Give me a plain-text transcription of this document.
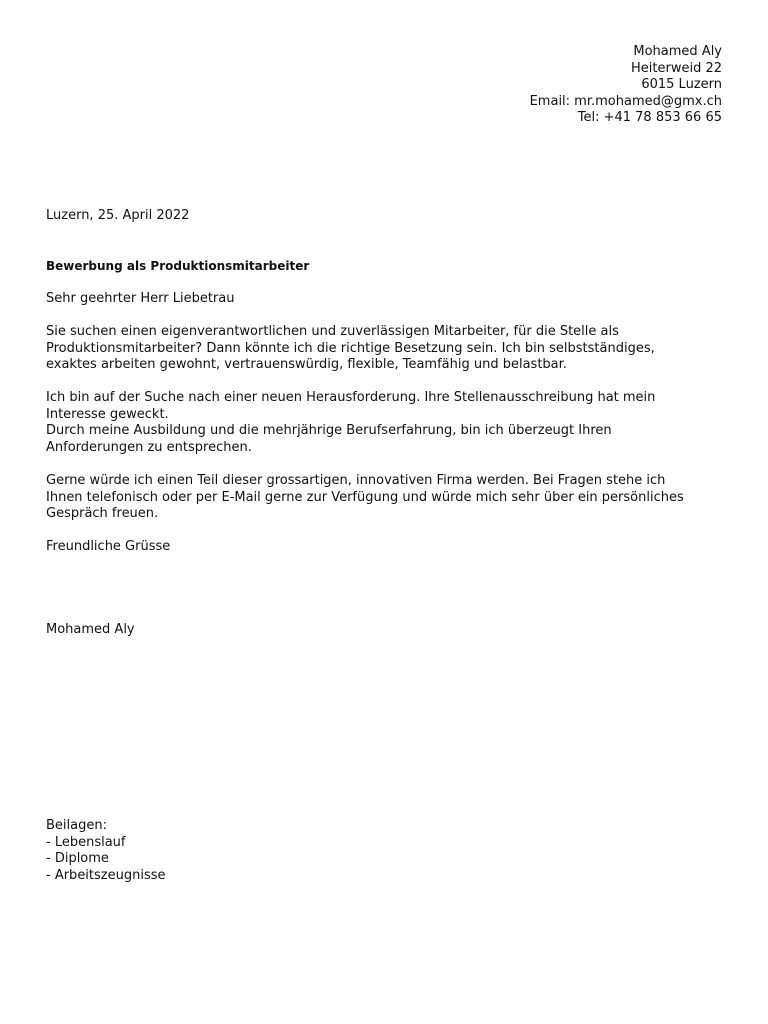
Mohamed Aly
Heiterweid 22
6015 Luzern
Email: mr.mohamed@gmx.ch
Tel: +41 78 853 66 65
Luzern, 25. April 2022
Bewerbung als Produktionsmitarbeiter
Sehr geehrter Herr Liebetrau
Sie suchen einen eigenverantwortlichen und zuverlässigen Mitarbeiter, für die Stelle als
Produktionsmitarbeiter? Dann könnte ich die richtige Besetzung sein. Ich bin selbstständiges,
exaktes arbeiten gewohnt, vertrauenswürdig, flexible, Teamfähig und belastbar.
Ich bin auf der Suche nach einer neuen Herausforderung. Ihre Stellenausschreibung hat mein
Interesse geweckt.
Durch meine Ausbildung und die mehrjährige Berufserfahrung, bin ich überzeugt Ihren
Anforderungen zu entsprechen.
Gerne würde ich einen Teil dieser grossartigen, innovativen Firma werden. Bei Fragen stehe ich
Ihnen telefonisch oder per E-Mail gerne zur Verfügung und würde mich sehr über ein persönliches
Gespräch freuen.
Freundliche Grüsse
Mohamed Aly
Beilagen:
- Lebenslauf
- Diplome
- Arbeitszeugnisse
